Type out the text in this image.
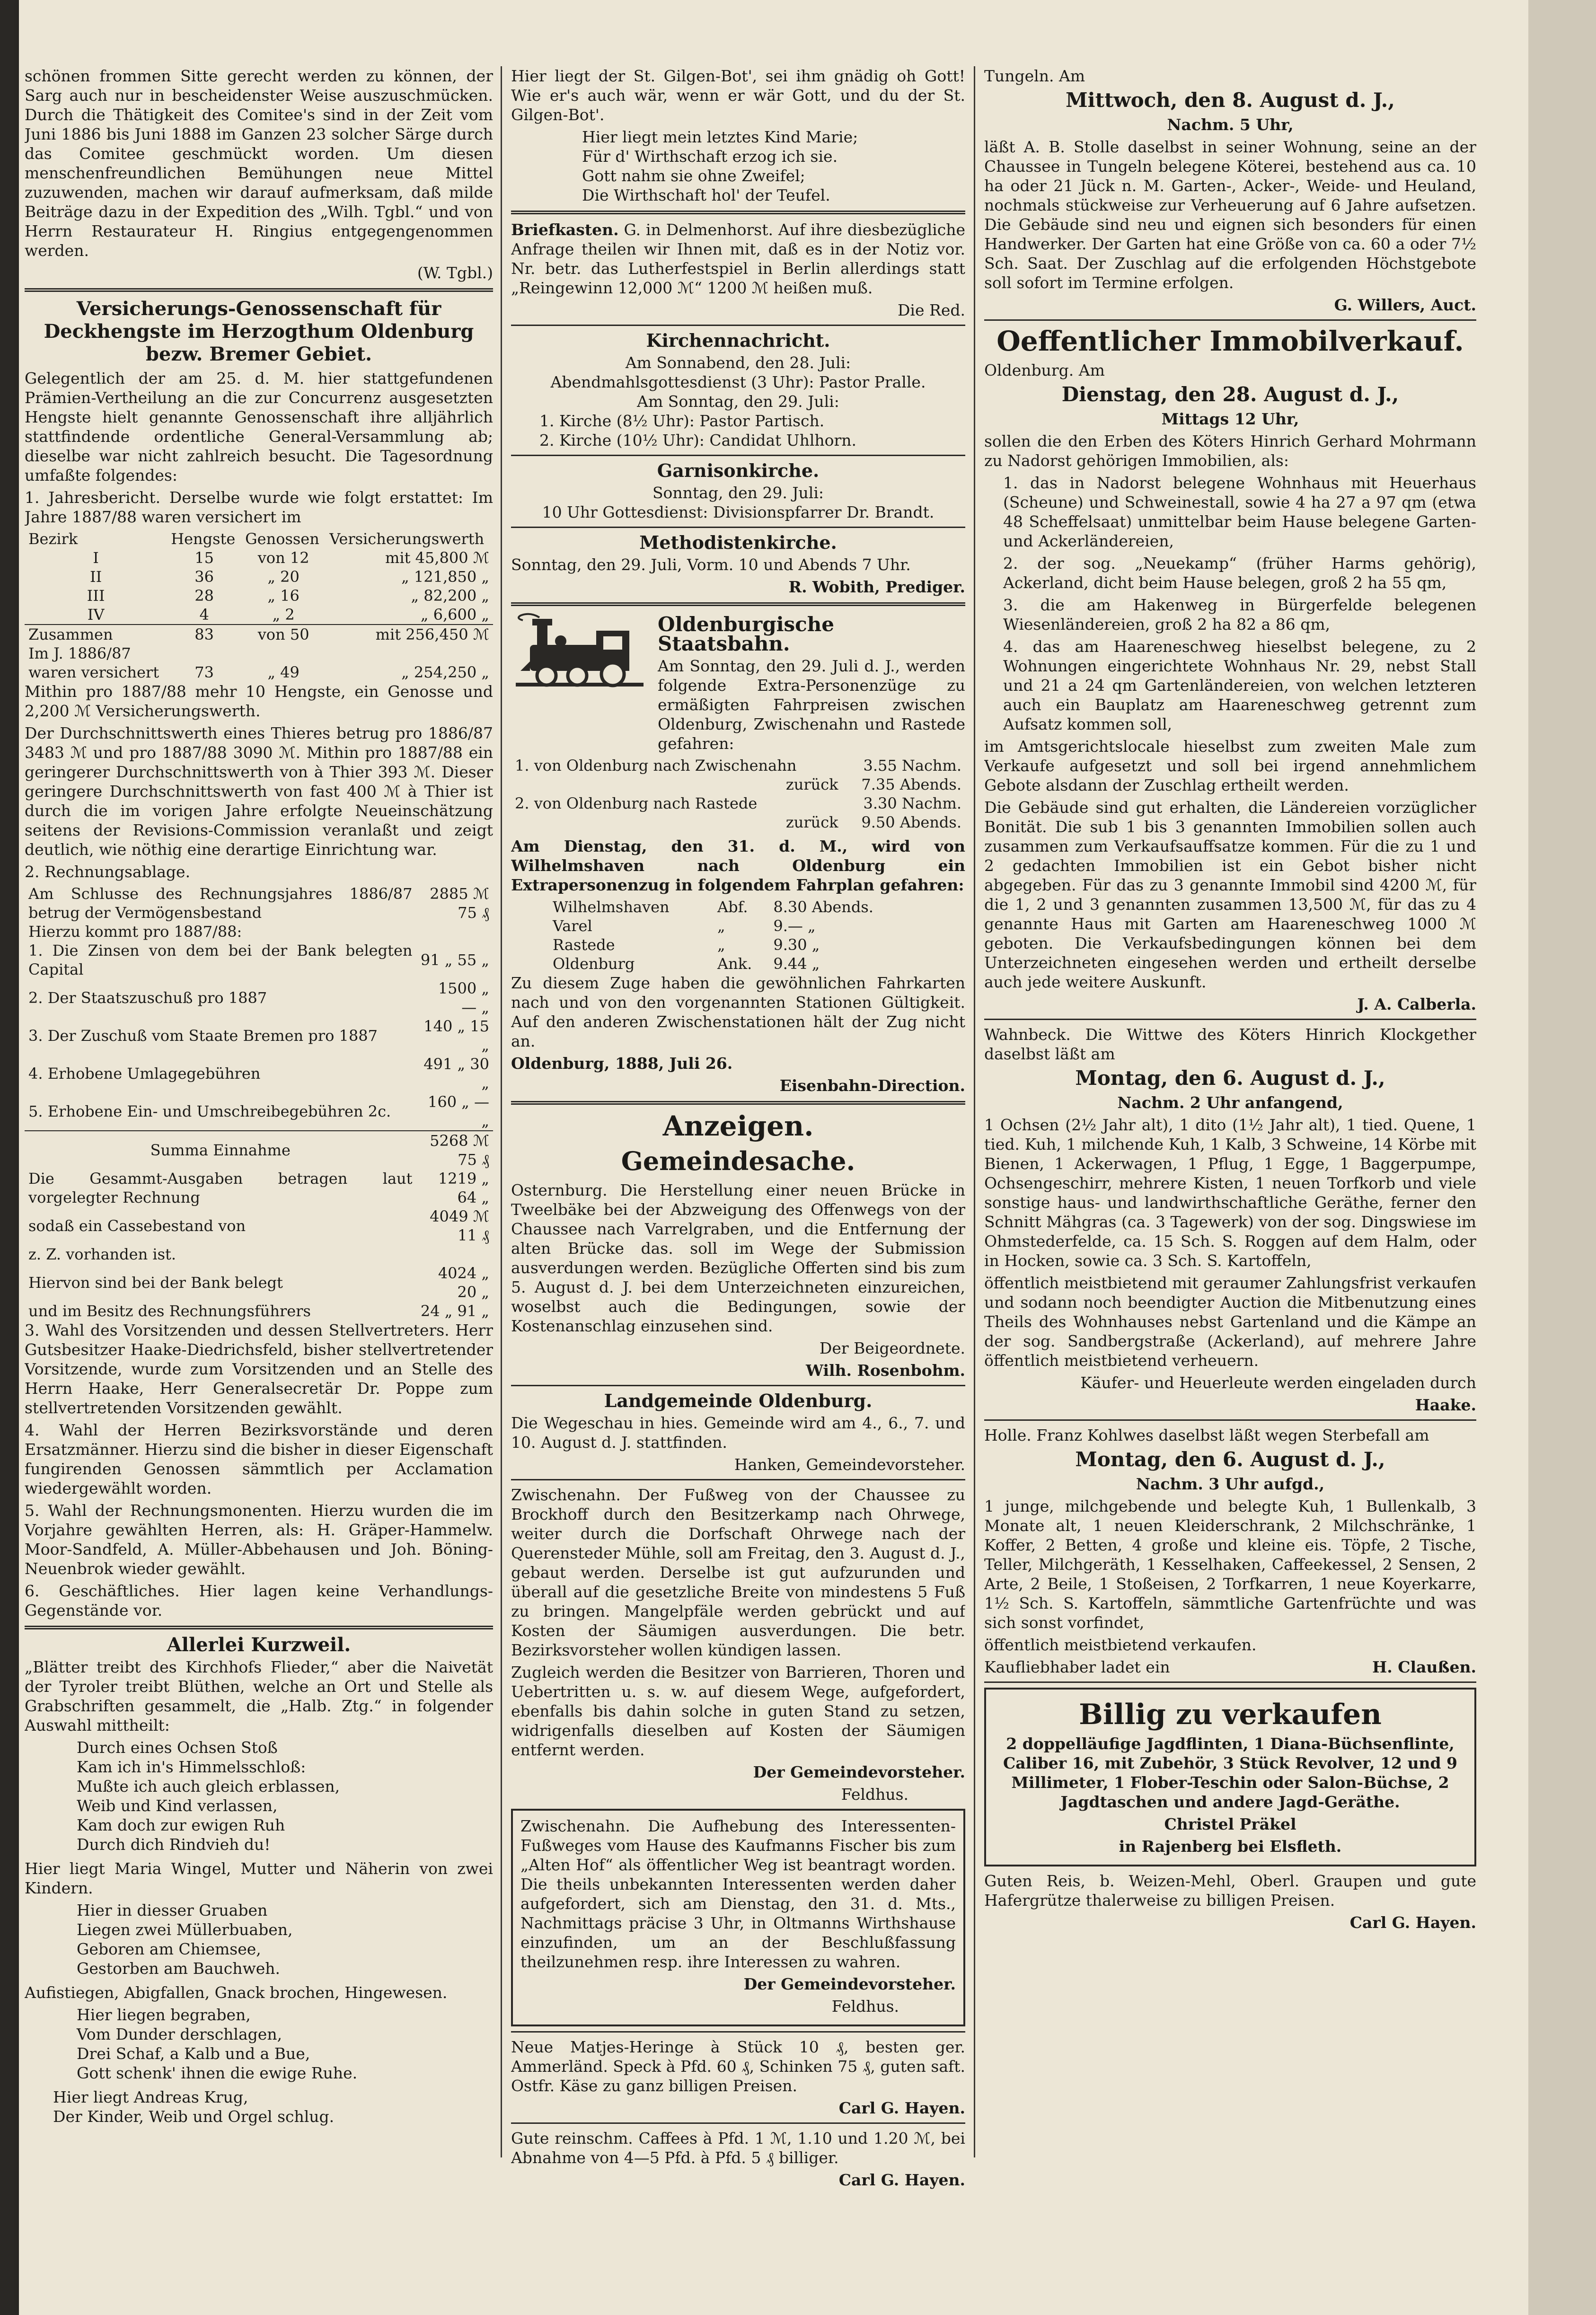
schönen frommen Sitte gerecht werden zu können, der Sarg auch nur in bescheidenster Weise auszuschmücken. Durch die Thätigkeit des Comitee's sind in der Zeit vom Juni 1886 bis Juni 1888 im Ganzen 23 solcher Särge durch das Comitee geschmückt worden. Um diesen menschenfreundlichen Bemühungen neue Mittel zuzuwenden, machen wir darauf aufmerksam, daß milde Beiträge dazu in der Expedition des „Wilh. Tgbl.“ und von Herrn Restaurateur H. Ringius entgegengenommen werden.

(W. Tgbl.)

Versicherungs-Genossenschaft für Deckhengste im Herzogthum Oldenburg bezw. Bremer Gebiet.

Gelegentlich der am 25. d. M. hier stattgefundenen Prämien-Vertheilung an die zur Concurrenz ausgesetzten Hengste hielt genannte Genossenschaft ihre alljährlich stattfindende ordentliche General-Versammlung ab; dieselbe war nicht zahlreich besucht. Die Tagesordnung umfaßte folgendes:

1. Jahresbericht. Derselbe wurde wie folgt erstattet: Im Jahre 1887/88 waren versichert im

Bezirk	Hengste	Genossen	Versicherungswerth
I	15	von 12	mit 45,800 ℳ
II	36	„ 20	„ 121,850 „
III	28	„ 16	„ 82,200 „
IV	4	„ 2	„ 6,600 „
Zusammen	83	von 50	mit 256,450 ℳ
Im J. 1886/87			
waren versichert	73	„ 49	„ 254,250 „

Mithin pro 1887/88 mehr 10 Hengste, ein Genosse und 2,200 ℳ Versicherungswerth.

Der Durchschnittswerth eines Thieres betrug pro 1886/87 3483 ℳ und pro 1887/88 3090 ℳ. Mithin pro 1887/88 ein geringerer Durchschnittswerth von à Thier 393 ℳ. Dieser geringere Durchschnittswerth von fast 400 ℳ à Thier ist durch die im vorigen Jahre erfolgte Neueinschätzung seitens der Revisions-Commission veranlaßt und zeigt deutlich, wie nöthig eine derartige Einrichtung war.

2. Rechnungsablage.

Am Schlusse des Rechnungsjahres 1886/87 betrug der Vermögensbestand	2885 ℳ 75 ₰
Hierzu kommt pro 1887/88:	
1. Die Zinsen von dem bei der Bank belegten Capital	91 „ 55 „
2. Der Staatszuschuß pro 1887	1500 „ — „
3. Der Zuschuß vom Staate Bremen pro 1887	140 „ 15 „
4. Erhobene Umlagegebühren	491 „ 30 „
5. Erhobene Ein- und Umschreibegebühren 2c.	160 „ — „
Summa Einnahme	5268 ℳ 75 ₰
Die Gesammt-Ausgaben betragen laut vorgelegter Rechnung	1219 „ 64 „
sodaß ein Cassebestand von	4049 ℳ 11 ₰
z. Z. vorhanden ist.	
Hiervon sind bei der Bank belegt	4024 „ 20 „
und im Besitz des Rechnungsführers	24 „ 91 „

3. Wahl des Vorsitzenden und dessen Stellvertreters. Herr Gutsbesitzer Haake-Diedrichsfeld, bisher stellvertretender Vorsitzende, wurde zum Vorsitzenden und an Stelle des Herrn Haake, Herr Generalsecretär Dr. Poppe zum stellvertretenden Vorsitzenden gewählt.

4. Wahl der Herren Bezirksvorstände und deren Ersatzmänner. Hierzu sind die bisher in dieser Eigenschaft fungirenden Genossen sämmtlich per Acclamation wiedergewählt worden.

5. Wahl der Rechnungsmonenten. Hierzu wurden die im Vorjahre gewählten Herren, als: H. Gräper-Hammelw. Moor-Sandfeld, A. Müller-Abbehausen und Joh. Böning-Neuenbrok wieder gewählt.

6. Geschäftliches. Hier lagen keine Verhandlungs-Gegenstände vor.

Allerlei Kurzweil.

„Blätter treibt des Kirchhofs Flieder,“ aber die Naivetät der Tyroler treibt Blüthen, welche an Ort und Stelle als Grabschriften gesammelt, die „Halb. Ztg.“ in folgender Auswahl mittheilt:

Durch eines Ochsen Stoß
Kam ich in's Himmelsschloß:
Mußte ich auch gleich erblassen,
Weib und Kind verlassen,
Kam doch zur ewigen Ruh
Durch dich Rindvieh du!

Hier liegt Maria Wingel, Mutter und Näherin von zwei Kindern.

Hier in diesser Gruaben
Liegen zwei Müllerbuaben,
Geboren am Chiemsee,
Gestorben am Bauchweh.

Aufistiegen, Abigfallen, Gnack brochen, Hingewesen.

Hier liegen begraben,
Vom Dunder derschlagen,
Drei Schaf, a Kalb und a Bue,
Gott schenk' ihnen die ewige Ruhe.
Hier liegt Andreas Krug,
Der Kinder, Weib und Orgel schlug.

Hier liegt der St. Gilgen-Bot', sei ihm gnädig oh Gott! Wie er's auch wär, wenn er wär Gott, und du der St. Gilgen-Bot'.

Hier liegt mein letztes Kind Marie;
Für d' Wirthschaft erzog ich sie.
Gott nahm sie ohne Zweifel;
Die Wirthschaft hol' der Teufel.

Briefkasten. G. in Delmenhorst. Auf ihre diesbezügliche Anfrage theilen wir Ihnen mit, daß es in der Notiz vor. Nr. betr. das Lutherfestspiel in Berlin allerdings statt „Reingewinn 12,000 ℳ“ 1200 ℳ heißen muß.

Die Red.

Kirchennachricht.
Am Sonnabend, den 28. Juli:
Abendmahlsgottesdienst (3 Uhr): Pastor Pralle.
Am Sonntag, den 29. Juli:
1. Kirche (8½ Uhr): Pastor Partisch.
2. Kirche (10½ Uhr): Candidat Uhlhorn.
Garnisonkirche.
Sonntag, den 29. Juli:
10 Uhr Gottesdienst: Divisionspfarrer Dr. Brandt.
Methodistenkirche.

Sonntag, den 29. Juli, Vorm. 10 und Abends 7 Uhr.

R. Wobith, Prediger.

Oldenburgische Staatsbahn.

Am Sonntag, den 29. Juli d. J., werden folgende Extra-Personenzüge zu ermäßigten Fahrpreisen zwischen Oldenburg, Zwischenahn und Rastede gefahren:

1. von Oldenburg nach Zwischenahn	3.55 Nachm.
zurück	7.35 Abends.
2. von Oldenburg nach Rastede	3.30 Nachm.
zurück	9.50 Abends.

Am Dienstag, den 31. d. M., wird von Wilhelmshaven nach Oldenburg ein Extrapersonenzug in folgendem Fahrplan gefahren:

Wilhelmshaven	Abf.	8.30 Abends.
Varel	„	9.— „
Rastede	„	9.30 „
Oldenburg	Ank.	9.44 „

Zu diesem Zuge haben die gewöhnlichen Fahrkarten nach und von den vorgenannten Stationen Gültigkeit. Auf den anderen Zwischenstationen hält der Zug nicht an.

Oldenburg, 1888, Juli 26.

Eisenbahn-Direction.

Anzeigen.
Gemeindesache.

Osternburg. Die Herstellung einer neuen Brücke in Tweelbäke bei der Abzweigung des Offenwegs von der Chaussee nach Varrelgraben, und die Entfernung der alten Brücke das. soll im Wege der Submission ausverdungen werden. Bezügliche Offerten sind bis zum 5. August d. J. bei dem Unterzeichneten einzureichen, woselbst auch die Bedingungen, sowie der Kostenanschlag einzusehen sind.

Der Beigeordnete.

Wilh. Rosenbohm.

Landgemeinde Oldenburg.

Die Wegeschau in hies. Gemeinde wird am 4., 6., 7. und 10. August d. J. stattfinden.

Hanken, Gemeindevorsteher.

Zwischenahn. Der Fußweg von der Chaussee zu Brockhoff durch den Besitzerkamp nach Ohrwege, weiter durch die Dorfschaft Ohrwege nach der Querensteder Mühle, soll am Freitag, den 3. August d. J., gebaut werden. Derselbe ist gut aufzurunden und überall auf die gesetzliche Breite von mindestens 5 Fuß zu bringen. Mangelpfäle werden gebrückt und auf Kosten der Säumigen ausverdungen. Die betr. Bezirksvorsteher wollen kündigen lassen.

Zugleich werden die Besitzer von Barrieren, Thoren und Uebertritten u. s. w. auf diesem Wege, aufgefordert, ebenfalls bis dahin solche in guten Stand zu setzen, widrigenfalls dieselben auf Kosten der Säumigen entfernt werden.

Der Gemeindevorsteher.

Feldhus.

Zwischenahn. Die Aufhebung des Interessenten-Fußweges vom Hause des Kaufmanns Fischer bis zum „Alten Hof“ als öffentlicher Weg ist beantragt worden. Die theils unbekannten Interessenten werden daher aufgefordert, sich am Dienstag, den 31. d. Mts., Nachmittags präcise 3 Uhr, in Oltmanns Wirthshause einzufinden, um an der Beschlußfassung theilzunehmen resp. ihre Interessen zu wahren.

Der Gemeindevorsteher.

Feldhus.

Neue Matjes-Heringe à Stück 10 ₰, besten ger. Ammerländ. Speck à Pfd. 60 ₰, Schinken 75 ₰, guten saft. Ostfr. Käse zu ganz billigen Preisen.

Carl G. Hayen.

Gute reinschm. Caffees à Pfd. 1 ℳ, 1.10 und 1.20 ℳ, bei Abnahme von 4—5 Pfd. à Pfd. 5 ₰ billiger.

Carl G. Hayen.

Tungeln. Am
Mittwoch, den 8. August d. J.,
Nachm. 5 Uhr,

läßt A. B. Stolle daselbst in seiner Wohnung, seine an der Chaussee in Tungeln belegene Köterei, bestehend aus ca. 10 ha oder 21 Jück n. M. Garten-, Acker-, Weide- und Heuland, nochmals stückweise zur Verheuerung auf 6 Jahre aufsetzen. Die Gebäude sind neu und eignen sich besonders für einen Handwerker. Der Garten hat eine Größe von ca. 60 a oder 7½ Sch. Saat. Der Zuschlag auf die erfolgenden Höchstgebote soll sofort im Termine erfolgen.

G. Willers, Auct.

Oeffentlicher Immobilverkauf.
Oldenburg. Am
Dienstag, den 28. August d. J.,
Mittags 12 Uhr,

sollen die den Erben des Köters Hinrich Gerhard Mohrmann zu Nadorst gehörigen Immobilien, als:

1. das in Nadorst belegene Wohnhaus mit Heuerhaus (Scheune) und Schweinestall, sowie 4 ha 27 a 97 qm (etwa 48 Scheffelsaat) unmittelbar beim Hause belegene Garten- und Ackerländereien,

2. der sog. „Neuekamp“ (früher Harms gehörig), Ackerland, dicht beim Hause belegen, groß 2 ha 55 qm,

3. die am Hakenweg in Bürgerfelde belegenen Wiesenländereien, groß 2 ha 82 a 86 qm,

4. das am Haareneschweg hieselbst belegene, zu 2 Wohnungen eingerichtete Wohnhaus Nr. 29, nebst Stall und 21 a 24 qm Gartenländereien, von welchen letzteren auch ein Bauplatz am Haareneschweg getrennt zum Aufsatz kommen soll,

im Amtsgerichtslocale hieselbst zum zweiten Male zum Verkaufe aufgesetzt und soll bei irgend annehmlichem Gebote alsdann der Zuschlag ertheilt werden.

Die Gebäude sind gut erhalten, die Ländereien vorzüglicher Bonität. Die sub 1 bis 3 genannten Immobilien sollen auch zusammen zum Verkaufsauffsatze kommen. Für die zu 1 und 2 gedachten Immobilien ist ein Gebot bisher nicht abgegeben. Für das zu 3 genannte Immobil sind 4200 ℳ, für die 1, 2 und 3 genannten zusammen 13,500 ℳ, für das zu 4 genannte Haus mit Garten am Haareneschweg 1000 ℳ geboten. Die Verkaufsbedingungen können bei dem Unterzeichneten eingesehen werden und ertheilt derselbe auch jede weitere Auskunft.

J. A. Calberla.

Wahnbeck. Die Wittwe des Köters Hinrich Klockgether daselbst läßt am

Montag, den 6. August d. J.,
Nachm. 2 Uhr anfangend,

1 Ochsen (2½ Jahr alt), 1 dito (1½ Jahr alt), 1 tied. Quene, 1 tied. Kuh, 1 milchende Kuh, 1 Kalb, 3 Schweine, 14 Körbe mit Bienen, 1 Ackerwagen, 1 Pflug, 1 Egge, 1 Baggerpumpe, Ochsengeschirr, mehrere Kisten, 1 neuen Torfkorb und viele sonstige haus- und landwirthschaftliche Geräthe, ferner den Schnitt Mähgras (ca. 3 Tagewerk) von der sog. Dingswiese im Ohmstederfelde, ca. 15 Sch. S. Roggen auf dem Halm, oder in Hocken, sowie ca. 3 Sch. S. Kartoffeln,

öffentlich meistbietend mit geraumer Zahlungsfrist verkaufen und sodann noch beendigter Auction die Mitbenutzung eines Theils des Wohnhauses nebst Gartenland und die Kämpe an der sog. Sandbergstraße (Ackerland), auf mehrere Jahre öffentlich meistbietend verheuern.

Käufer- und Heuerleute werden eingeladen durch

Haake.

Holle. Franz Kohlwes daselbst läßt wegen Sterbefall am

Montag, den 6. August d. J.,
Nachm. 3 Uhr aufgd.,

1 junge, milchgebende und belegte Kuh, 1 Bullenkalb, 3 Monate alt, 1 neuen Kleiderschrank, 2 Milchschränke, 1 Koffer, 2 Betten, 4 große und kleine eis. Töpfe, 2 Tische, Teller, Milchgeräth, 1 Kesselhaken, Caffeekessel, 2 Sensen, 2 Arte, 2 Beile, 1 Stoßeisen, 2 Torfkarren, 1 neue Koyerkarre, 1½ Sch. S. Kartoffeln, sämmtliche Gartenfrüchte und was sich sonst vorfindet,

öffentlich meistbietend verkaufen.

Kaufliebhaber ladet ein	H. Claußen.

Billig zu verkaufen

2 doppelläufige Jagdflinten, 1 Diana-Büchsenflinte, Caliber 16, mit Zubehör, 3 Stück Revolver, 12 und 9 Millimeter, 1 Flober-Teschin oder Salon-Büchse, 2 Jagdtaschen und andere Jagd-Geräthe.

Christel Präkel

in Rajenberg bei Elsfleth.

Guten Reis, b. Weizen-Mehl, Oberl. Graupen und gute Hafergrütze thalerweise zu billigen Preisen.

Carl G. Hayen.
